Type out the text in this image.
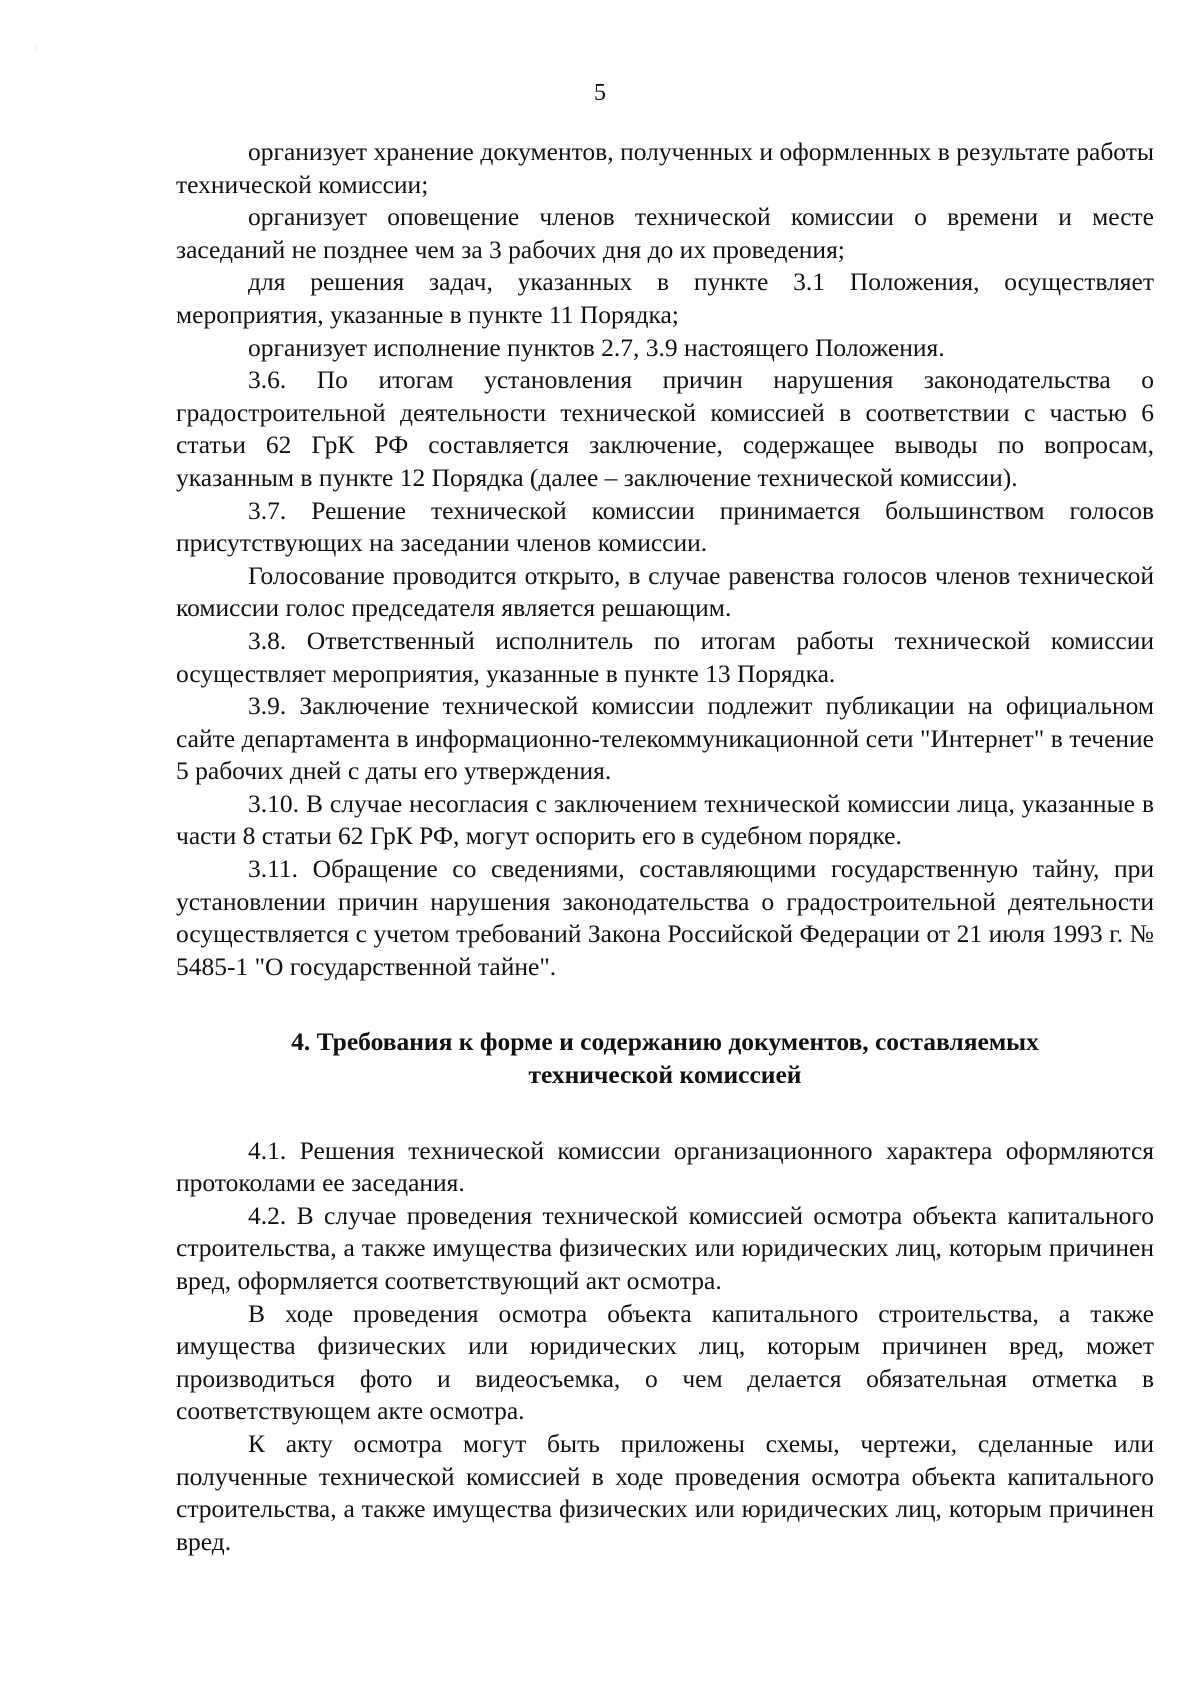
· ·
5

организует хранение документов, полученных и оформленных в результате работы технической комиссии;

организует оповещение членов технической комиссии о времени и месте заседаний не позднее чем за 3 рабочих дня до их проведения;

для решения задач, указанных в пункте 3.1 Положения, осуществляет мероприятия, указанные в пункте 11 Порядка;

организует исполнение пунктов 2.7, 3.9 настоящего Положения.

3.6. По итогам установления причин нарушения законодательства о градостроительной деятельности технической комиссией в соответствии с частью 6 статьи 62 ГрК РФ составляется заключение, содержащее выводы по вопросам, указанным в пункте 12 Порядка (далее – заключение технической комиссии).

3.7. Решение технической комиссии принимается большинством голосов присутствующих на заседании членов комиссии.

Голосование проводится открыто, в случае равенства голосов членов технической комиссии голос председателя является решающим.

3.8. Ответственный исполнитель по итогам работы технической комиссии осуществляет мероприятия, указанные в пункте 13 Порядка.

3.9. Заключение технической комиссии подлежит публикации на официальном сайте департамента в информационно-телекоммуникационной сети "Интернет" в течение 5 рабочих дней с даты его утверждения.

3.10. В случае несогласия с заключением технической комиссии лица, указанные в части 8 статьи 62 ГрК РФ, могут оспорить его в судебном порядке.

3.11. Обращение со сведениями, составляющими государственную тайну, при установлении причин нарушения законодательства о градостроительной деятельности осуществляется с учетом требований Закона Российской Федерации от 21 июля 1993 г. № 5485-1 "О государственной тайне".

4. Требования к форме и содержанию документов, составляемых
технической комиссией

4.1. Решения технической комиссии организационного характера оформляются протоколами ее заседания.

4.2. В случае проведения технической комиссией осмотра объекта капитального строительства, а также имущества физических или юридических лиц, которым причинен вред, оформляется соответствующий акт осмотра.

В ходе проведения осмотра объекта капитального строительства, а также имущества физических или юридических лиц, которым причинен вред, может производиться фото и видеосъемка, о чем делается обязательная отметка в соответствующем акте осмотра.

К акту осмотра могут быть приложены схемы, чертежи, сделанные или полученные технической комиссией в ходе проведения осмотра объекта капитального строительства, а также имущества физических или юридических лиц, которым причинен вред.
